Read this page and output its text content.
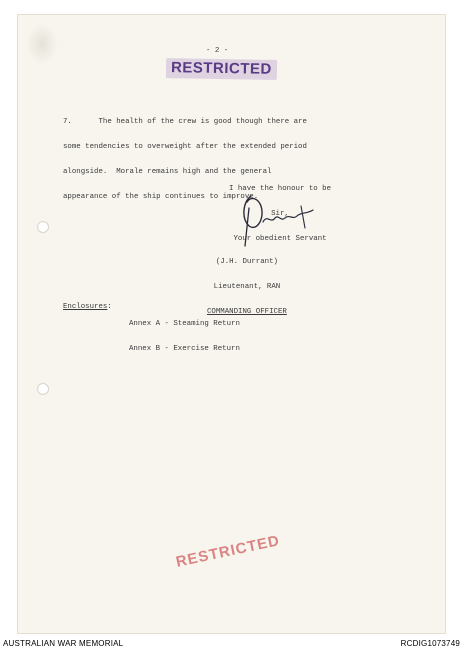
- 2 -
RESTRICTED

7.      The health of the crew is good though there are

some tendencies to overweight after the extended period

alongside.  Morale remains high and the general

appearance of the ship continues to improve.

I have the honour to be

Sir,

Your obedient Servant

(J.H. Durrant)

Lieutenant, RAN

COMMANDING OFFICER

Enclosures:

Annex A - Steaming Return

Annex B - Exercise Return

RESTRICTED
AUSTRALIAN WAR MEMORIAL	RCDIG1073749
